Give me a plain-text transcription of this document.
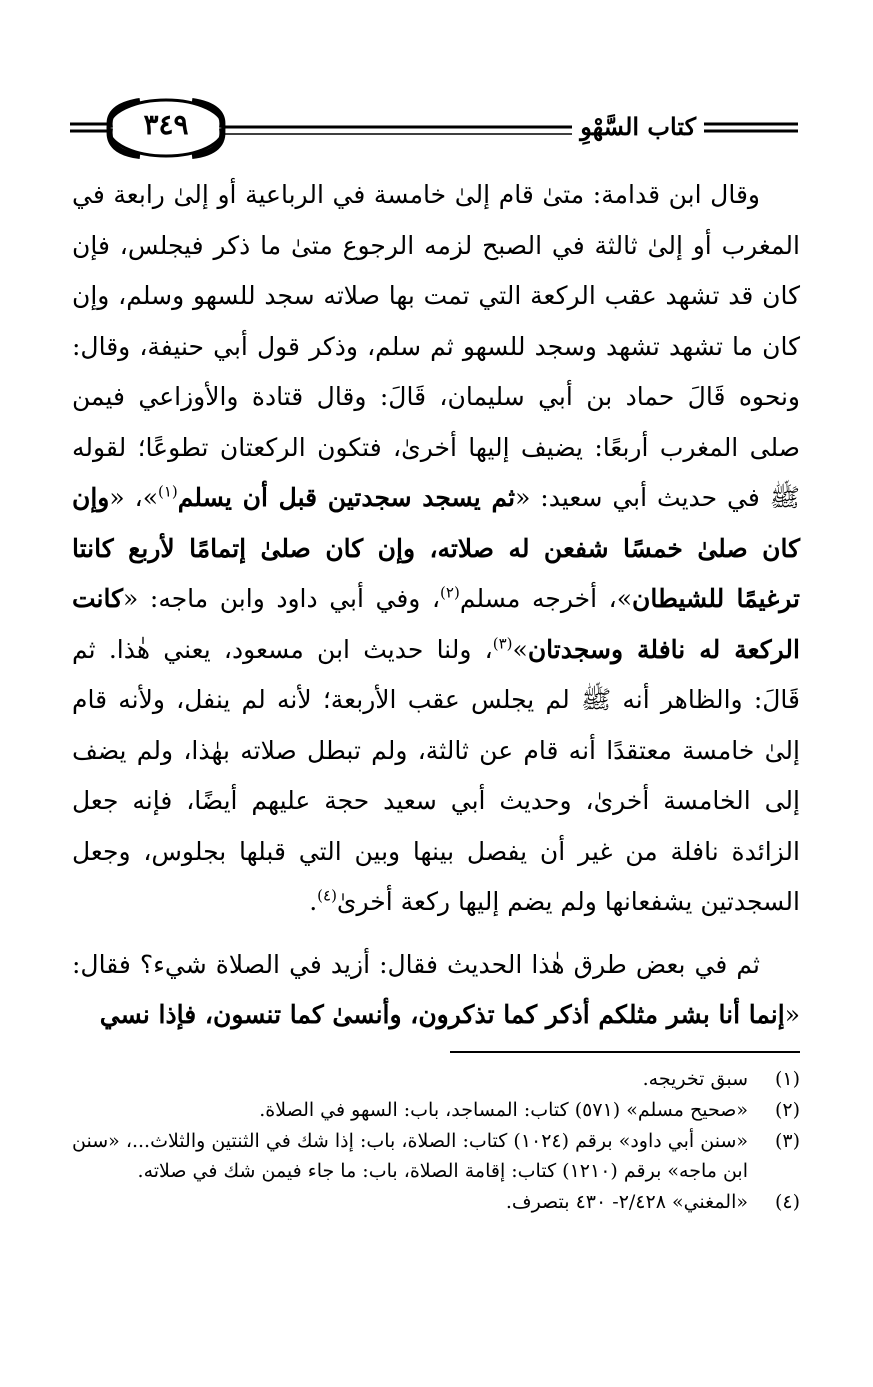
كتاب السَّهْوِ
٣٤٩

وقال ابن قدامة: متىٰ قام إلىٰ خامسة في الرباعية أو إلىٰ رابعة في المغرب أو إلىٰ ثالثة في الصبح لزمه الرجوع متىٰ ما ذكر فيجلس، فإن كان قد تشهد عقب الركعة التي تمت بها صلاته سجد للسهو وسلم، وإن كان ما تشهد تشهد وسجد للسهو ثم سلم، وذكر قول أبي حنيفة، وقال: ونحوه قَالَ حماد بن أبي سليمان، قَالَ: وقال قتادة والأوزاعي فيمن صلى المغرب أربعًا: يضيف إليها أخرىٰ، فتكون الركعتان تطوعًا؛ لقوله ﷺ في حديث أبي سعيد: «ثم يسجد سجدتين قبل أن يسلم$^{(١)}$»، «وإن كان صلىٰ خمسًا شفعن له صلاته، وإن كان صلىٰ إتمامًا لأربع كانتا ترغيمًا للشيطان»، أخرجه مسلم$^{(٢)}$، وفي أبي داود وابن ماجه: «كانت الركعة له نافلة وسجدتان»$^{(٣)}$، ولنا حديث ابن مسعود، يعني هٰذا. ثم قَالَ: والظاهر أنه ﷺ لم يجلس عقب الأربعة؛ لأنه لم ينفل، ولأنه قام إلىٰ خامسة معتقدًا أنه قام عن ثالثة، ولم تبطل صلاته بهٰذا، ولم يضف إلى الخامسة أخرىٰ، وحديث أبي سعيد حجة عليهم أيضًا، فإنه جعل الزائدة نافلة من غير أن يفصل بينها وبين التي قبلها بجلوس، وجعل السجدتين يشفعانها ولم يضم إليها ركعة أخرىٰ$^{(٤)}$.

ثم في بعض طرق هٰذا الحديث فقال: أزيد في الصلاة شيء؟ فقال: «إنما أنا بشر مثلكم أذكر كما تذكرون، وأنسىٰ كما تنسون، فإذا نسي

(١)
سبق تخريجه.
(٢)
«صحيح مسلم» (٥٧١) كتاب: المساجد، باب: السهو في الصلاة.
(٣)
«سنن أبي داود» برقم (١٠٢٤) كتاب: الصلاة، باب: إذا شك في الثنتين والثلاث...، «سنن ابن ماجه» برقم (١٢١٠) كتاب: إقامة الصلاة، باب: ما جاء فيمن شك في صلاته.
(٤)
«المغني» ٢/٤٢٨- ٤٣٠ بتصرف.
